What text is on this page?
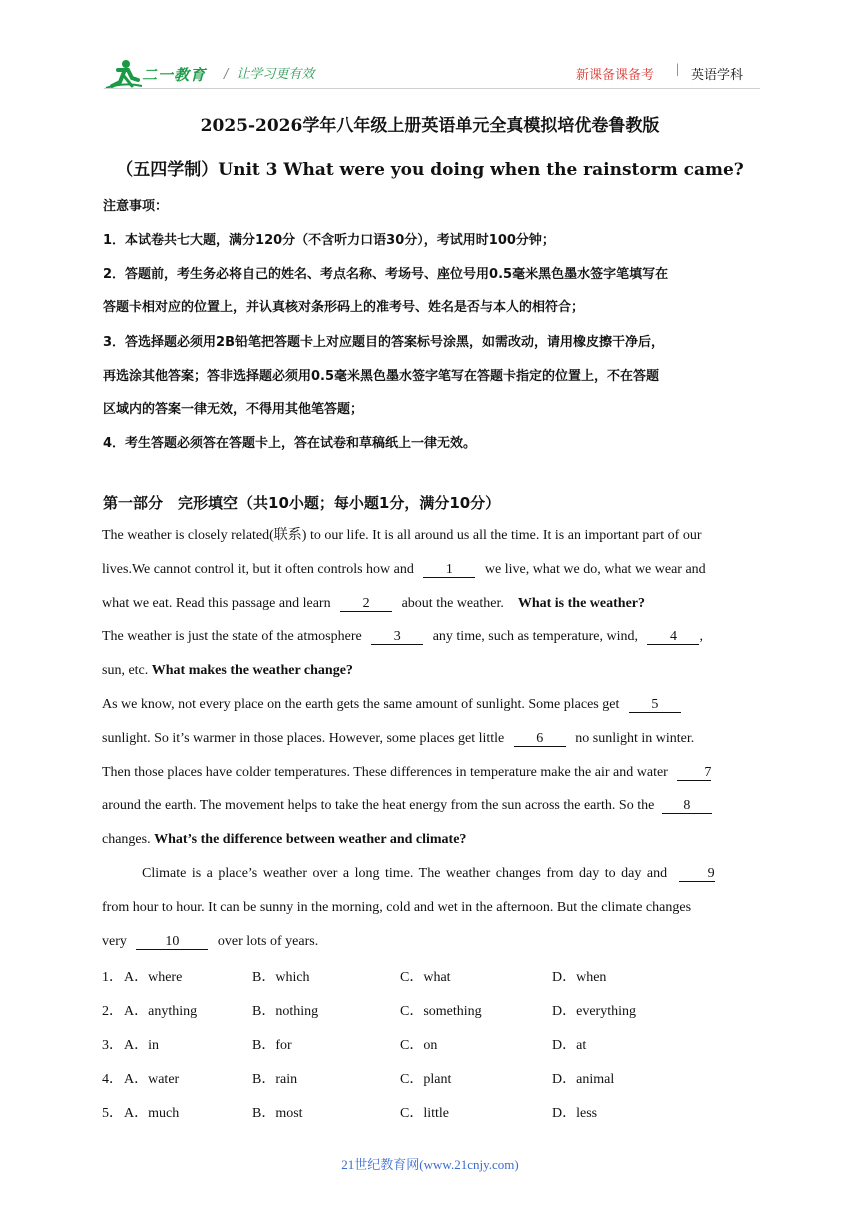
二一教育 / 让学习更有效	新课备课备考 | 英语学科
2025-2026学年八年级上册英语单元全真模拟培优卷鲁教版
（五四学制）Unit 3 What were you doing when the rainstorm came?
注意事项：
1．本试卷共七大题，满分120分（不含听力口语30分），考试用时100分钟；
2．答题前，考生务必将自己的姓名、考点名称、考场号、座位号用0.5毫米黑色墨水签字笔填写在
答题卡相对应的位置上，并认真核对条形码上的准考号、姓名是否与本人的相符合；
3．答选择题必须用2B铅笔把答题卡上对应题目的答案标号涂黑，如需改动，请用橡皮擦干净后，
再选涂其他答案；答非选择题必须用0.5毫米黑色墨水签字笔写在答题卡指定的位置上，不在答题
区域内的答案一律无效，不得用其他笔答题；
4．考生答题必须答在答题卡上，答在试卷和草稿纸上一律无效。
第一部分　完形填空（共10小题；每小题1分，满分10分）
The weather is closely related(联系) to our life. It is all around us all the time. It is an important part of our
lives.We cannot control it, but it often controls how and 1 we live, what we do, what we wear and
what we eat. Read this passage and learn 2 about the weather. What is the weather?
The weather is just the state of the atmosphere 3 any time, such as temperature, wind, 4 ,
sun, etc. What makes the weather change?
As we know, not every place on the earth gets the same amount of sunlight. Some places get 5
sunlight. So it’s warmer in those places. However, some places get little 6 no sunlight in winter.
Then those places have colder temperatures. These differences in temperature make the air and water	7
around the earth. The movement helps to take the heat energy from the sun across the earth. So the 8
changes. What’s the difference between weather and climate?
Climate is a place’s weather over a long time. The weather changes from day to day and	9
from hour to hour. It can be sunny in the morning, cold and wet in the afternoon. But the climate changes
very	10	over lots of years.
1． A．where	B．which	C．what	D．when
2． A．anything	B．nothing	C．something	D．everything
3． A．in	B．for	C．on	D．at
4． A．water	B．rain	C．plant	D．animal
5． A．much	B．most	C．little	D．less
21世纪教育网(www.21cnjy.com)
